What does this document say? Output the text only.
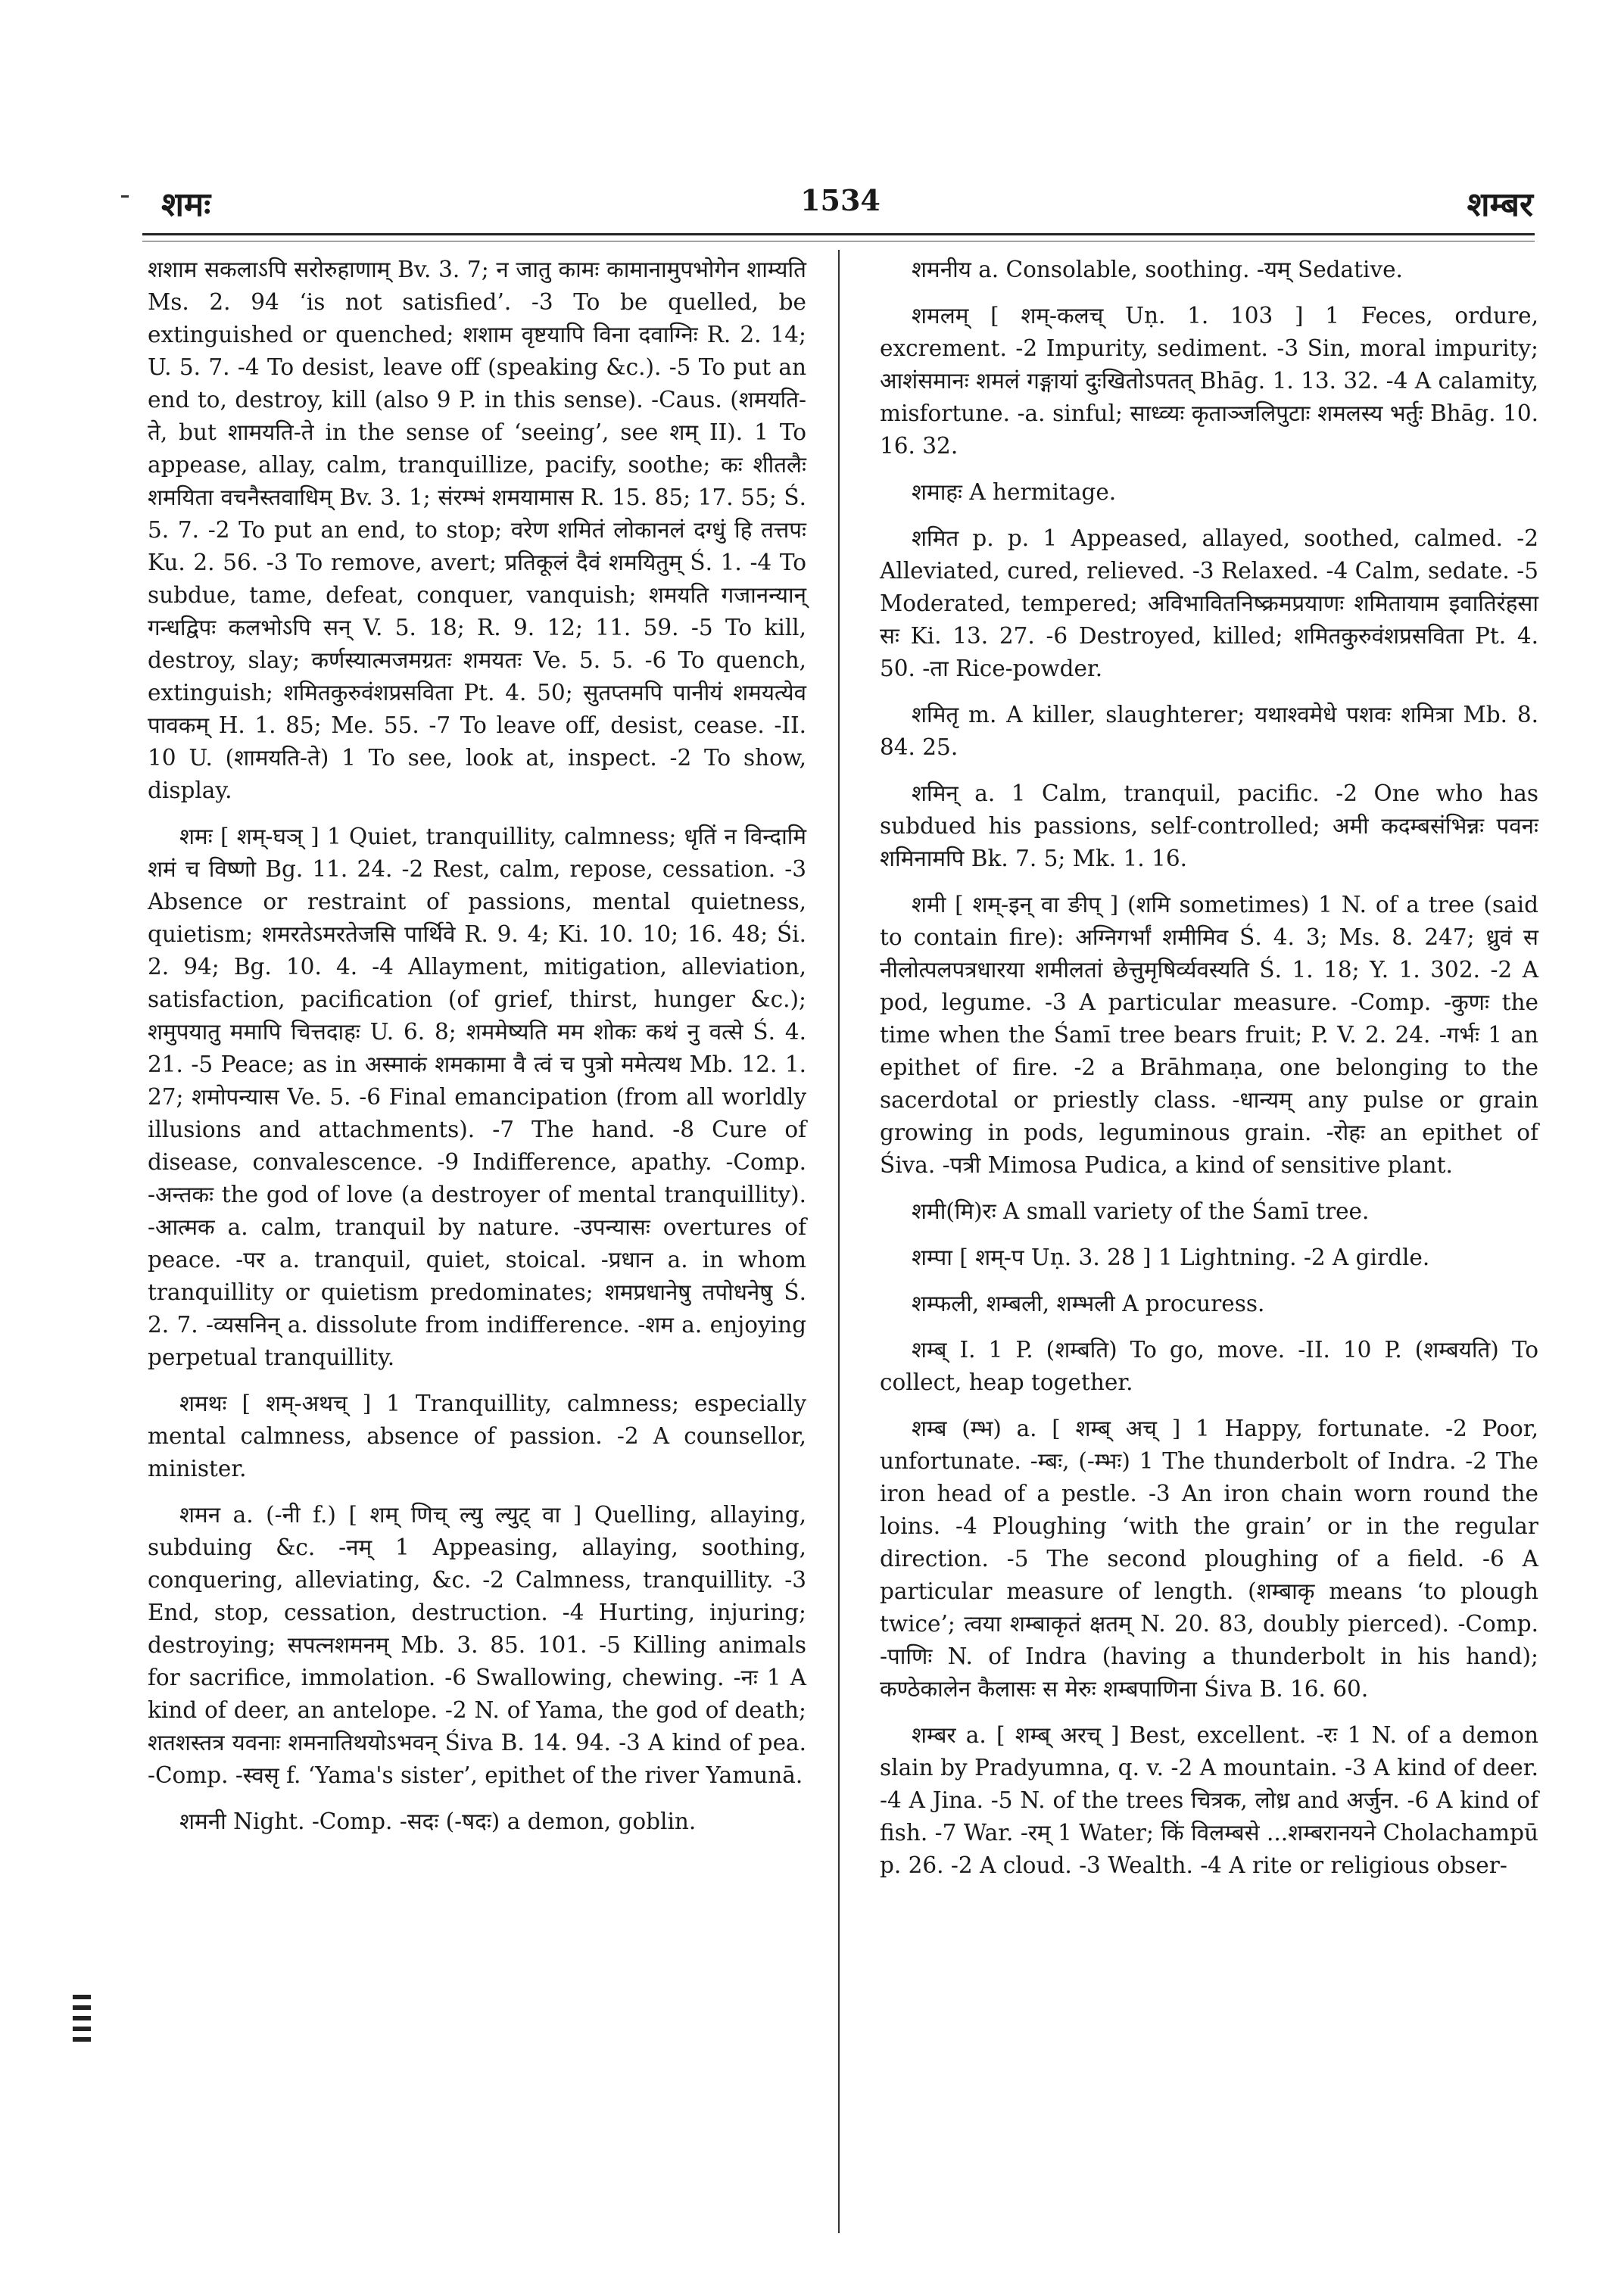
शमः	1534	शम्बर
शशाम सकलाऽपि सरोरुहाणाम् Bv. 3. 7; न जातु कामः कामानामुपभोगेन शाम्यति Ms. 2. 94 ‘is not satisfied’. -3 To be quelled, be extinguished or quenched; शशाम वृष्टयापि विना दवाग्निः R. 2. 14; U. 5. 7. -4 To desist, leave off (speaking &c.). -5 To put an end to, destroy, kill (also 9 P. in this sense). -Caus. (शमयति-ते, but शामयति-ते in the sense of ‘seeing’, see शम् II). 1 To appease, allay, calm, tranquillize, pacify, soothe; कः शीतलैः शमयिता वचनैस्तवाधिम् Bv. 3. 1; संरम्भं शमयामास R. 15. 85; 17. 55; Ś. 5. 7. -2 To put an end, to stop; वरेण शमितं लोकानलं दग्धुं हि तत्तपः Ku. 2. 56. -3 To remove, avert; प्रतिकूलं दैवं शमयितुम् Ś. 1. -4 To subdue, tame, defeat, conquer, vanquish; शमयति गजानन्यान् गन्धद्विपः कलभोऽपि सन् V. 5. 18; R. 9. 12; 11. 59. -5 To kill, destroy, slay; कर्णस्यात्मजमग्रतः शमयतः Ve. 5. 5. -6 To quench, extinguish; शमितकुरुवंशप्रसविता Pt. 4. 50; सुतप्तमपि पानीयं शमयत्येव पावकम् H. 1. 85; Me. 55. -7 To leave off, desist, cease. -II. 10 U. (शामयति-ते) 1 To see, look at, inspect. -2 To show, display.
शमः [ शम्-घञ् ] 1 Quiet, tranquillity, calmness; धृतिं न विन्दामि शमं च विष्णो Bg. 11. 24. -2 Rest, calm, repose, cessation. -3 Absence or restraint of passions, mental quietness, quietism; शमरतेऽमरतेजसि पार्थिवे R. 9. 4; Ki. 10. 10; 16. 48; Śi. 2. 94; Bg. 10. 4. -4 Allayment, mitigation, alleviation, satisfaction, pacification (of grief, thirst, hunger &c.); शमुपयातु ममापि चित्तदाहः U. 6. 8; शममेष्यति मम शोकः कथं नु वत्से Ś. 4. 21. -5 Peace; as in अस्माकं शमकामा वै त्वं च पुत्रो ममेत्यथ Mb. 12. 1. 27; शमोपन्यास Ve. 5. -6 Final emancipation (from all worldly illusions and attachments). -7 The hand. -8 Cure of disease, convalescence. -9 Indifference, apathy. -Comp. -अन्तकः the god of love (a destroyer of mental tranquillity). -आत्मक a. calm, tranquil by nature. -उपन्यासः overtures of peace. -पर a. tranquil, quiet, stoical. -प्रधान a. in whom tranquillity or quietism predominates; शमप्रधानेषु तपोधनेषु Ś. 2. 7. -व्यसनिन् a. dissolute from indifference. -शम a. enjoying perpetual tranquillity.
शमथः [ शम्-अथच् ] 1 Tranquillity, calmness; especially mental calmness, absence of passion. -2 A counsellor, minister.
शमन a. (-नी f.) [ शम् णिच् ल्यु ल्युट् वा ] Quelling, allaying, subduing &c. -नम् 1 Appeasing, allaying, soothing, conquering, alleviating, &c. -2 Calmness, tranquillity. -3 End, stop, cessation, destruction. -4 Hurting, injuring; destroying; सपत्नशमनम् Mb. 3. 85. 101. -5 Killing animals for sacrifice, immolation. -6 Swallowing, chewing. -नः 1 A kind of deer, an antelope. -2 N. of Yama, the god of death; शतशस्तत्र यवनाः शमनातिथयोऽभवन् Śiva B. 14. 94. -3 A kind of pea. -Comp. -स्वसृ f. ‘Yama's sister’, epithet of the river Yamunā.
शमनी Night. -Comp. -सदः (-षदः) a demon, goblin.
शमनीय a. Consolable, soothing. -यम् Sedative.
शमलम् [ शम्-कलच् Uṇ. 1. 103 ] 1 Feces, ordure, excrement. -2 Impurity, sediment. -3 Sin, moral impurity; आशंसमानः शमलं गङ्गायां दुःखितोऽपतत् Bhāg. 1. 13. 32. -4 A calamity, misfortune. -a. sinful; साध्व्यः कृताञ्जलिपुटाः शमलस्य भर्तुः Bhāg. 10. 16. 32.
शमाहः A hermitage.
शमित p. p. 1 Appeased, allayed, soothed, calmed. -2 Alleviated, cured, relieved. -3 Relaxed. -4 Calm, sedate. -5 Moderated, tempered; अविभावितनिष्क्रमप्रयाणः शमितायाम इवातिरंहसा सः Ki. 13. 27. -6 Destroyed, killed; शमितकुरुवंशप्रसविता Pt. 4. 50. -ता Rice-powder.
शमितृ m. A killer, slaughterer; यथाश्वमेधे पशवः शमित्रा Mb. 8. 84. 25.
शमिन् a. 1 Calm, tranquil, pacific. -2 One who has subdued his passions, self-controlled; अमी कदम्बसंभिन्नः पवनः शमिनामपि Bk. 7. 5; Mk. 1. 16.
शमी [ शम्-इन् वा ङीप् ] (शमि sometimes) 1 N. of a tree (said to contain fire): अग्निगर्भां शमीमिव Ś. 4. 3; Ms. 8. 247; ध्रुवं स नीलोत्पलपत्रधारया शमीलतां छेत्तुमृषिर्व्यवस्यति Ś. 1. 18; Y. 1. 302. -2 A pod, legume. -3 A particular measure. -Comp. -कुणः the time when the Śamī tree bears fruit; P. V. 2. 24. -गर्भः 1 an epithet of fire. -2 a Brāhmaṇa, one belonging to the sacerdotal or priestly class. -धान्यम् any pulse or grain growing in pods, leguminous grain. -रोहः an epithet of Śiva. -पत्री Mimosa Pudica, a kind of sensitive plant.
शमी(मि)रः A small variety of the Śamī tree.
शम्पा [ शम्-प Uṇ. 3. 28 ] 1 Lightning. -2 A girdle.
शम्फली, शम्बली, शम्भली A procuress.
शम्ब् I. 1 P. (शम्बति) To go, move. -II. 10 P. (शम्बयति) To collect, heap together.
शम्ब (म्भ) a. [ शम्ब् अच् ] 1 Happy, fortunate. -2 Poor, unfortunate. -म्बः, (-म्भः) 1 The thunderbolt of Indra. -2 The iron head of a pestle. -3 An iron chain worn round the loins. -4 Ploughing ‘with the grain’ or in the regular direction. -5 The second ploughing of a field. -6 A particular measure of length. (शम्बाकृ means ‘to plough twice’; त्वया शम्बाकृतं क्षतम् N. 20. 83, doubly pierced). -Comp. -पाणिः N. of Indra (having a thunderbolt in his hand); कण्ठेकालेन कैलासः स मेरुः शम्बपाणिना Śiva B. 16. 60.
शम्बर a. [ शम्ब् अरच् ] Best, excellent. -रः 1 N. of a demon slain by Pradyumna, q. v. -2 A mountain. -3 A kind of deer. -4 A Jina. -5 N. of the trees चित्रक, लोध्र and अर्जुन. -6 A kind of fish. -7 War. -रम् 1 Water; किं विलम्बसे ...शम्बरानयने Cholachampū p. 26. -2 A cloud. -3 Wealth. -4 A rite or religious obser-
